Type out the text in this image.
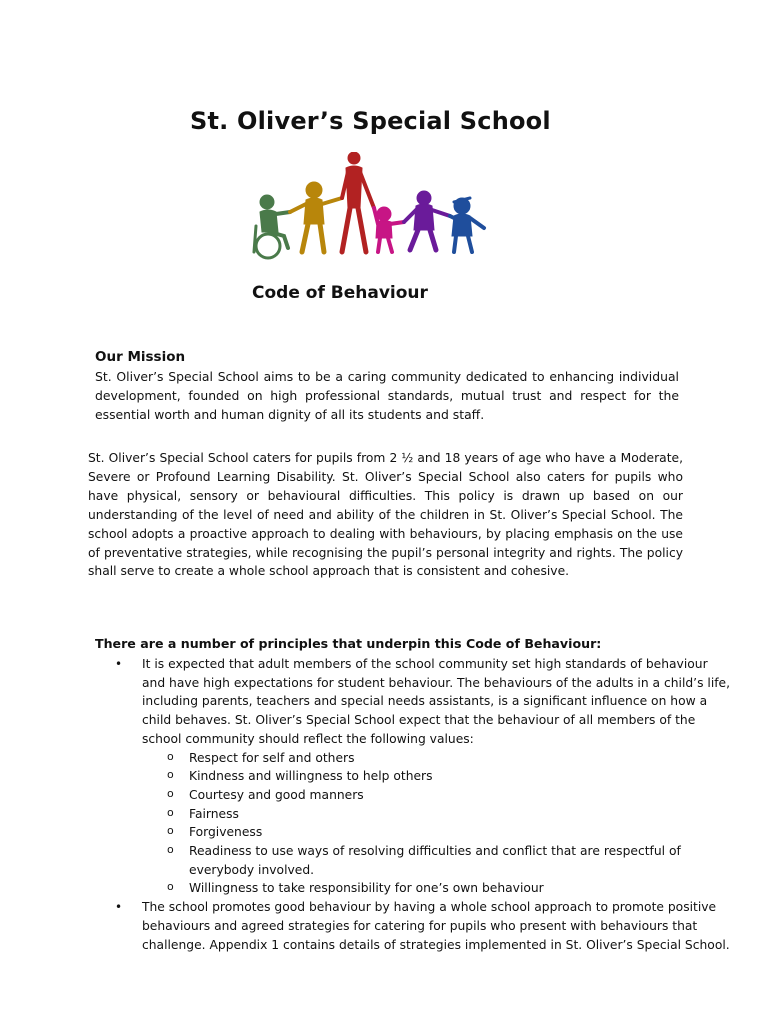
St. Oliver’s Special School
Code of Behaviour
Our Mission
St. Oliver’s Special School aims to be a caring community dedicated to enhancing individual development, founded on high professional standards, mutual trust and respect for the essential worth and human dignity of all its students and staff.
St. Oliver’s Special School caters for pupils from 2 ½ and 18 years of age who have a Moderate, Severe or Profound Learning Disability. St. Oliver’s Special School also caters for pupils who have physical, sensory or behavioural difficulties. This policy is drawn up based on our understanding of the level of need and ability of the children in St. Oliver’s Special School. The school adopts a proactive approach to dealing with behaviours, by placing emphasis on the use of preventative strategies, while recognising the pupil’s personal integrity and rights. The policy shall serve to create a whole school approach that is consistent and cohesive.
There are a number of principles that underpin this Code of Behaviour:
• It is expected that adult members of the school community set high standards of behaviour and have high expectations for student behaviour. The behaviours of the adults in a child’s life, including parents, teachers and special needs assistants, is a significant influence on how a child behaves. St. Oliver’s Special School expect that the behaviour of all members of the school community should reflect the following values:
o Respect for self and others
o Kindness and willingness to help others
o Courtesy and good manners
o Fairness
o Forgiveness
o Readiness to use ways of resolving difficulties and conflict that are respectful of everybody involved.
o Willingness to take responsibility for one’s own behaviour
• The school promotes good behaviour by having a whole school approach to promote positive behaviours and agreed strategies for catering for pupils who present with behaviours that challenge. Appendix 1 contains details of strategies implemented in St. Oliver’s Special School.
